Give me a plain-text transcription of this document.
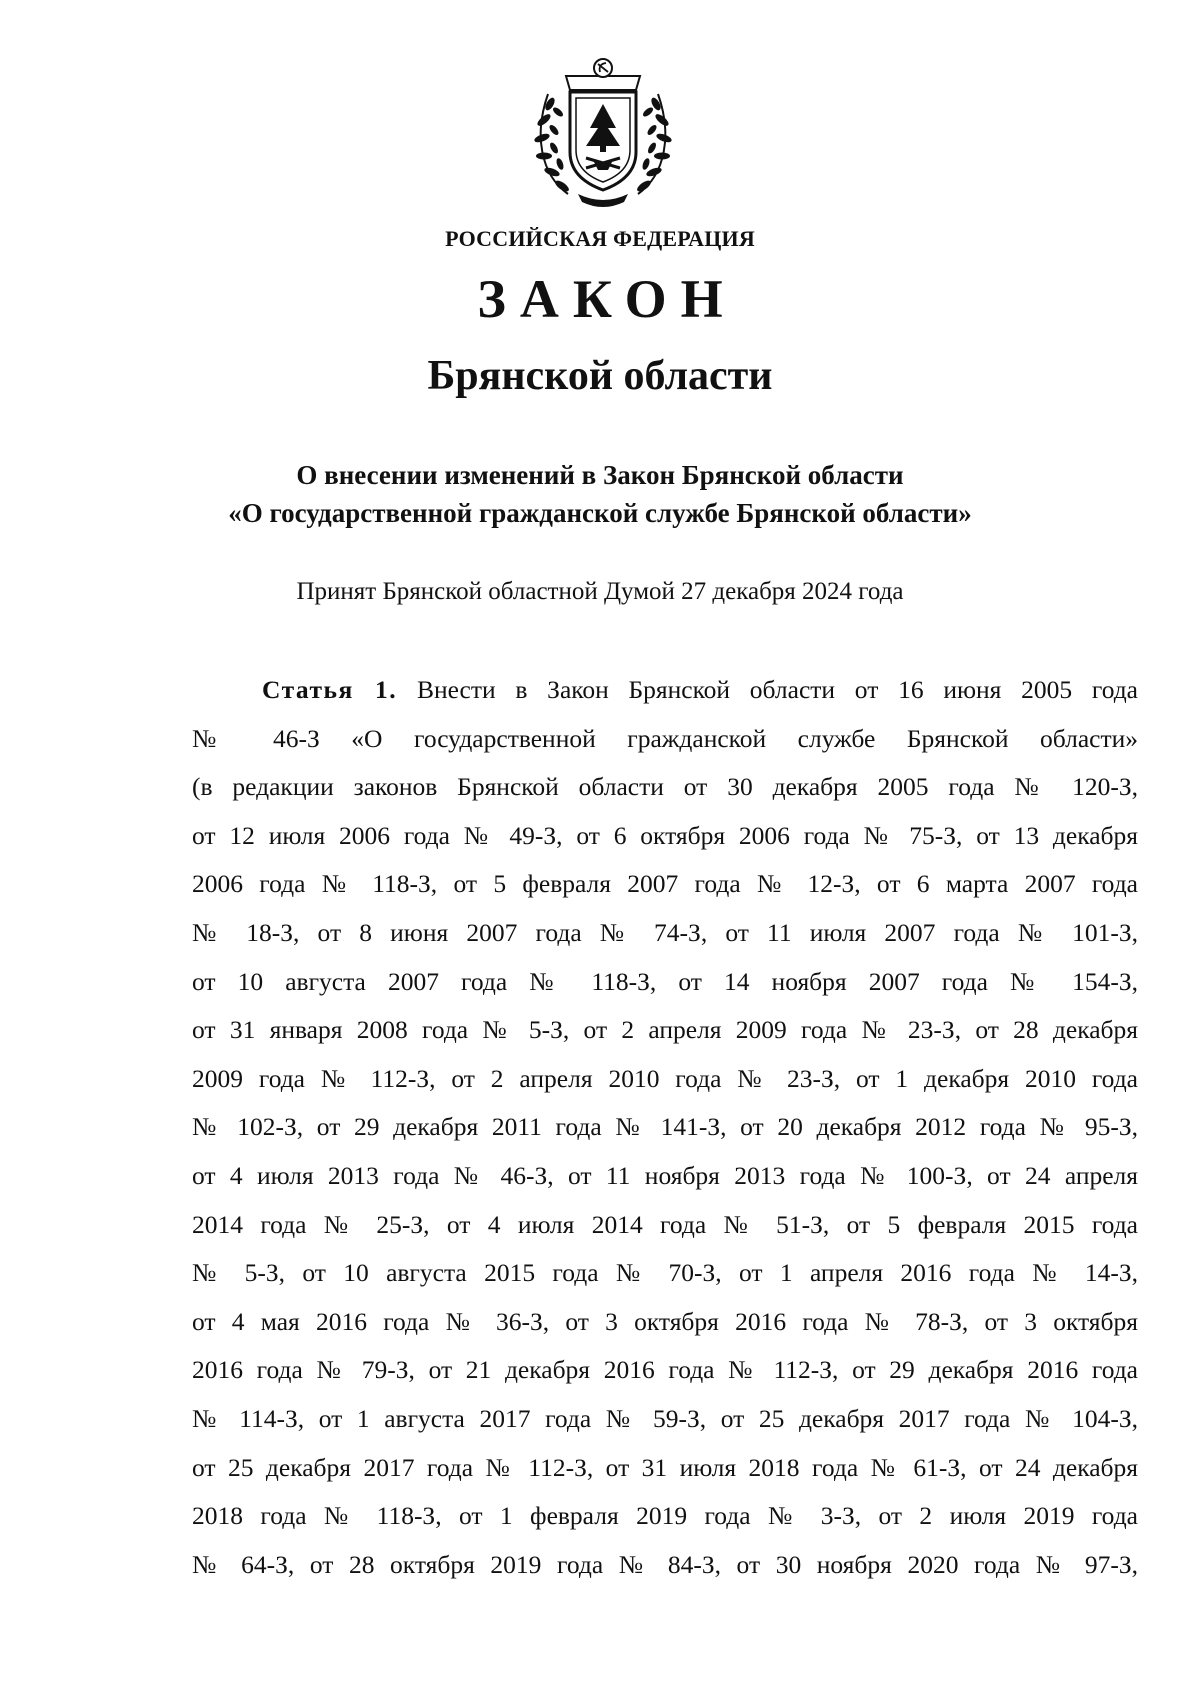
РОССИЙСКАЯ ФЕДЕРАЦИЯ
ЗАКОН
Брянской области
О внесении изменений в Закон Брянской области
«О государственной гражданской службе Брянской области»
Принят Брянской областной Думой 27 декабря 2024 года
Статья 1. Внести в Закон Брянской области от 16 июня 2005 года
№ 46-З «О государственной гражданской службе Брянской области»
(в редакции законов Брянской области от 30 декабря 2005 года № 120-З,
от 12 июля 2006 года № 49-З, от 6 октября 2006 года № 75-З, от 13 декабря
2006 года № 118-З, от 5 февраля 2007 года № 12-З, от 6 марта 2007 года
№ 18-З, от 8 июня 2007 года № 74-З, от 11 июля 2007 года № 101-З,
от 10 августа 2007 года № 118-З, от 14 ноября 2007 года № 154-З,
от 31 января 2008 года № 5-З, от 2 апреля 2009 года № 23-З, от 28 декабря
2009 года № 112-З, от 2 апреля 2010 года № 23-З, от 1 декабря 2010 года
№ 102-З, от 29 декабря 2011 года № 141-З, от 20 декабря 2012 года № 95-З,
от 4 июля 2013 года № 46-З, от 11 ноября 2013 года № 100-З, от 24 апреля
2014 года № 25-З, от 4 июля 2014 года № 51-З, от 5 февраля 2015 года
№ 5-З, от 10 августа 2015 года № 70-З, от 1 апреля 2016 года № 14-З,
от 4 мая 2016 года № 36-З, от 3 октября 2016 года № 78-З, от 3 октября
2016 года № 79-З, от 21 декабря 2016 года № 112-З, от 29 декабря 2016 года
№ 114-З, от 1 августа 2017 года № 59-З, от 25 декабря 2017 года № 104-З,
от 25 декабря 2017 года № 112-З, от 31 июля 2018 года № 61-З, от 24 декабря
2018 года № 118-З, от 1 февраля 2019 года № 3-З, от 2 июля 2019 года
№ 64-З, от 28 октября 2019 года № 84-З, от 30 ноября 2020 года № 97-З,
